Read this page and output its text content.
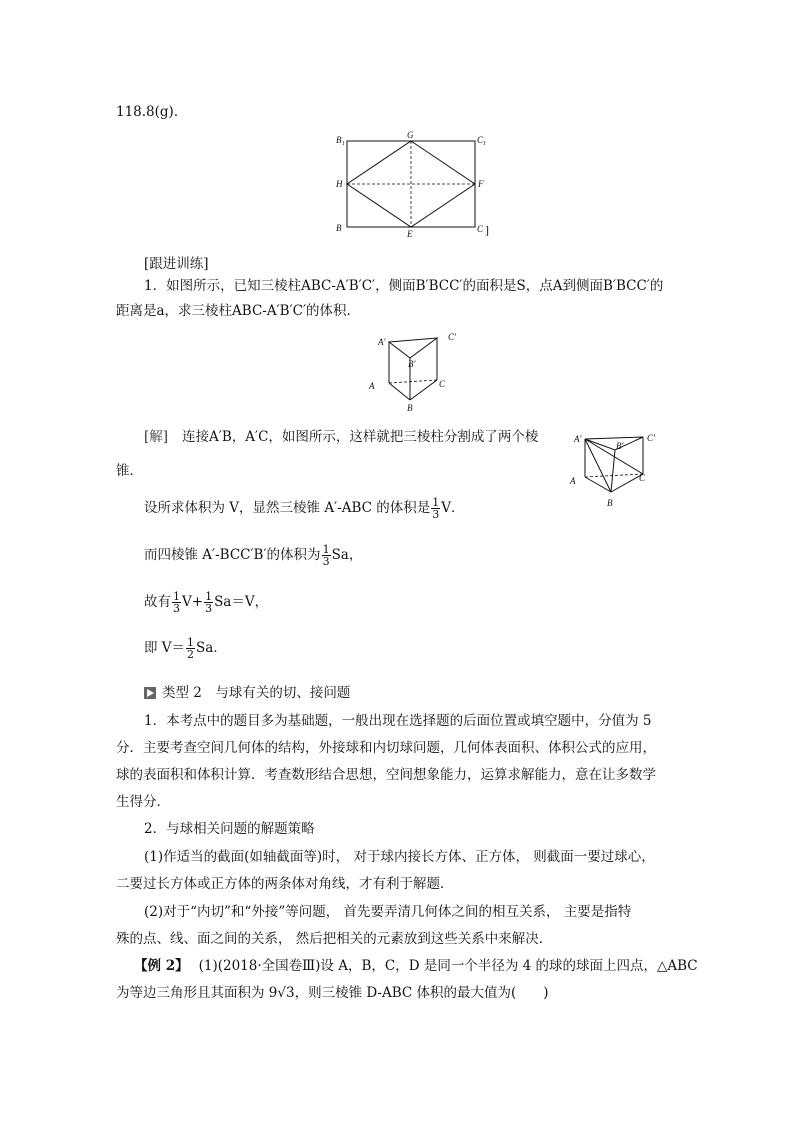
118.8(g)．
B 1
G	C 1
H	F
B
E	C ]
[跟进训练]
1．如图所示，已知三棱柱ABC-A′B′C′，侧面B′BCC′的面积是S，点A到侧面B′BCC′的
距离是a，求三棱柱ABC-A′B′C′的体积．
A′	C′
B′
A	C
B
A′
B′
C′
A	C
B
[解] 连接A′B，A′C，如图所示，这样就把三棱柱分割成了两个棱
锥．
设所求体积为 V，显然三棱锥 A′-ABC 的体积是 $\frac{1}{3}$ V．
而四棱锥 A′-BCC′B′的体积为 $\frac{1}{3}$ Sa，
故有 $\frac{1}{3} V+ \frac{1}{3} Sa=V$，
即 $V= \frac{1}{2}$ Sa．
类型 2　与球有关的切、接问题
1．本考点中的题目多为基础题，一般出现在选择题的后面位置或填空题中，分值为 5
分．主要考查空间几何体的结构，外接球和内切球问题，几何体表面积、体积公式的应用，
球的表面积和体积计算．考查数形结合思想，空间想象能力，运算求解能力，意在让多数学
生得分．
2．与球相关问题的解题策略
(1)作适当的截面(如轴截面等)时， 对于球内接长方体、正方体， 则截面一要过球心，
二要过长方体或正方体的两条体对角线，才有利于解题．
(2)对于“内切”和“外接”等问题， 首先要弄清几何体之间的相互关系， 主要是指特
殊的点、线、面之间的关系， 然后把相关的元素放到这些关系中来解决．
【例 2】 (1)(2018·全国卷Ⅲ)设 A，B，C，D 是同一个半径为 4 的球的球面上四点，△ABC
为等边三角形且其面积为 9√3，则三棱锥 D-ABC 体积的最大值为(　　)
